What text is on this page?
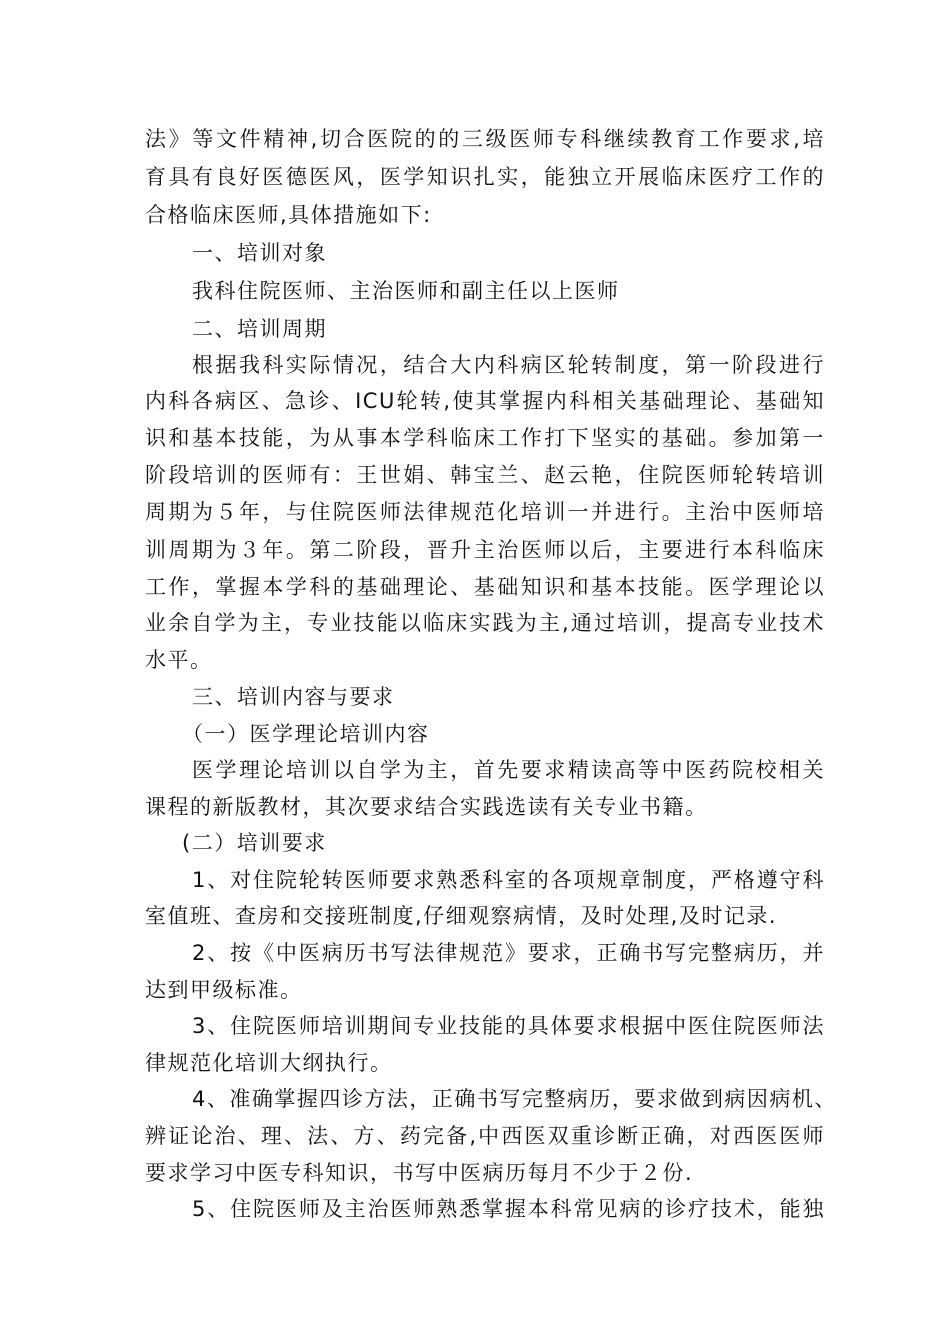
法》等文件精神,切合医院的的三级医师专科继续教育工作要求,培
育具有良好医德医风，医学知识扎实，能独立开展临床医疗工作的
合格临床医师,具体措施如下:
一、培训对象
我科住院医师、主治医师和副主任以上医师
二、培训周期
根据我科实际情况，结合大内科病区轮转制度，第一阶段进行
内科各病区、急诊、ICU轮转,使其掌握内科相关基础理论、基础知
识和基本技能，为从事本学科临床工作打下坚实的基础。参加第一
阶段培训的医师有：王世娟、韩宝兰、赵云艳，住院医师轮转培训
周期为５年，与住院医师法律规范化培训一并进行。主治中医师培
训周期为３年。第二阶段，晋升主治医师以后，主要进行本科临床
工作，掌握本学科的基础理论、基础知识和基本技能。医学理论以
业余自学为主，专业技能以临床实践为主,通过培训，提高专业技术
水平。
三、培训内容与要求
（一）医学理论培训内容
医学理论培训以自学为主，首先要求精读高等中医药院校相关
课程的新版教材，其次要求结合实践选读有关专业书籍。
(二）培训要求
1、对住院轮转医师要求熟悉科室的各项规章制度，严格遵守科
室值班、查房和交接班制度,仔细观察病情，及时处理,及时记录.
2、按《中医病历书写法律规范》要求，正确书写完整病历，并
达到甲级标准。
3、住院医师培训期间专业技能的具体要求根据中医住院医师法
律规范化培训大纲执行。
4、准确掌握四诊方法，正确书写完整病历，要求做到病因病机、
辨证论治、理、法、方、药完备,中西医双重诊断正确，对西医医师
要求学习中医专科知识，书写中医病历每月不少于２份.
5、住院医师及主治医师熟悉掌握本科常见病的诊疗技术，能独
